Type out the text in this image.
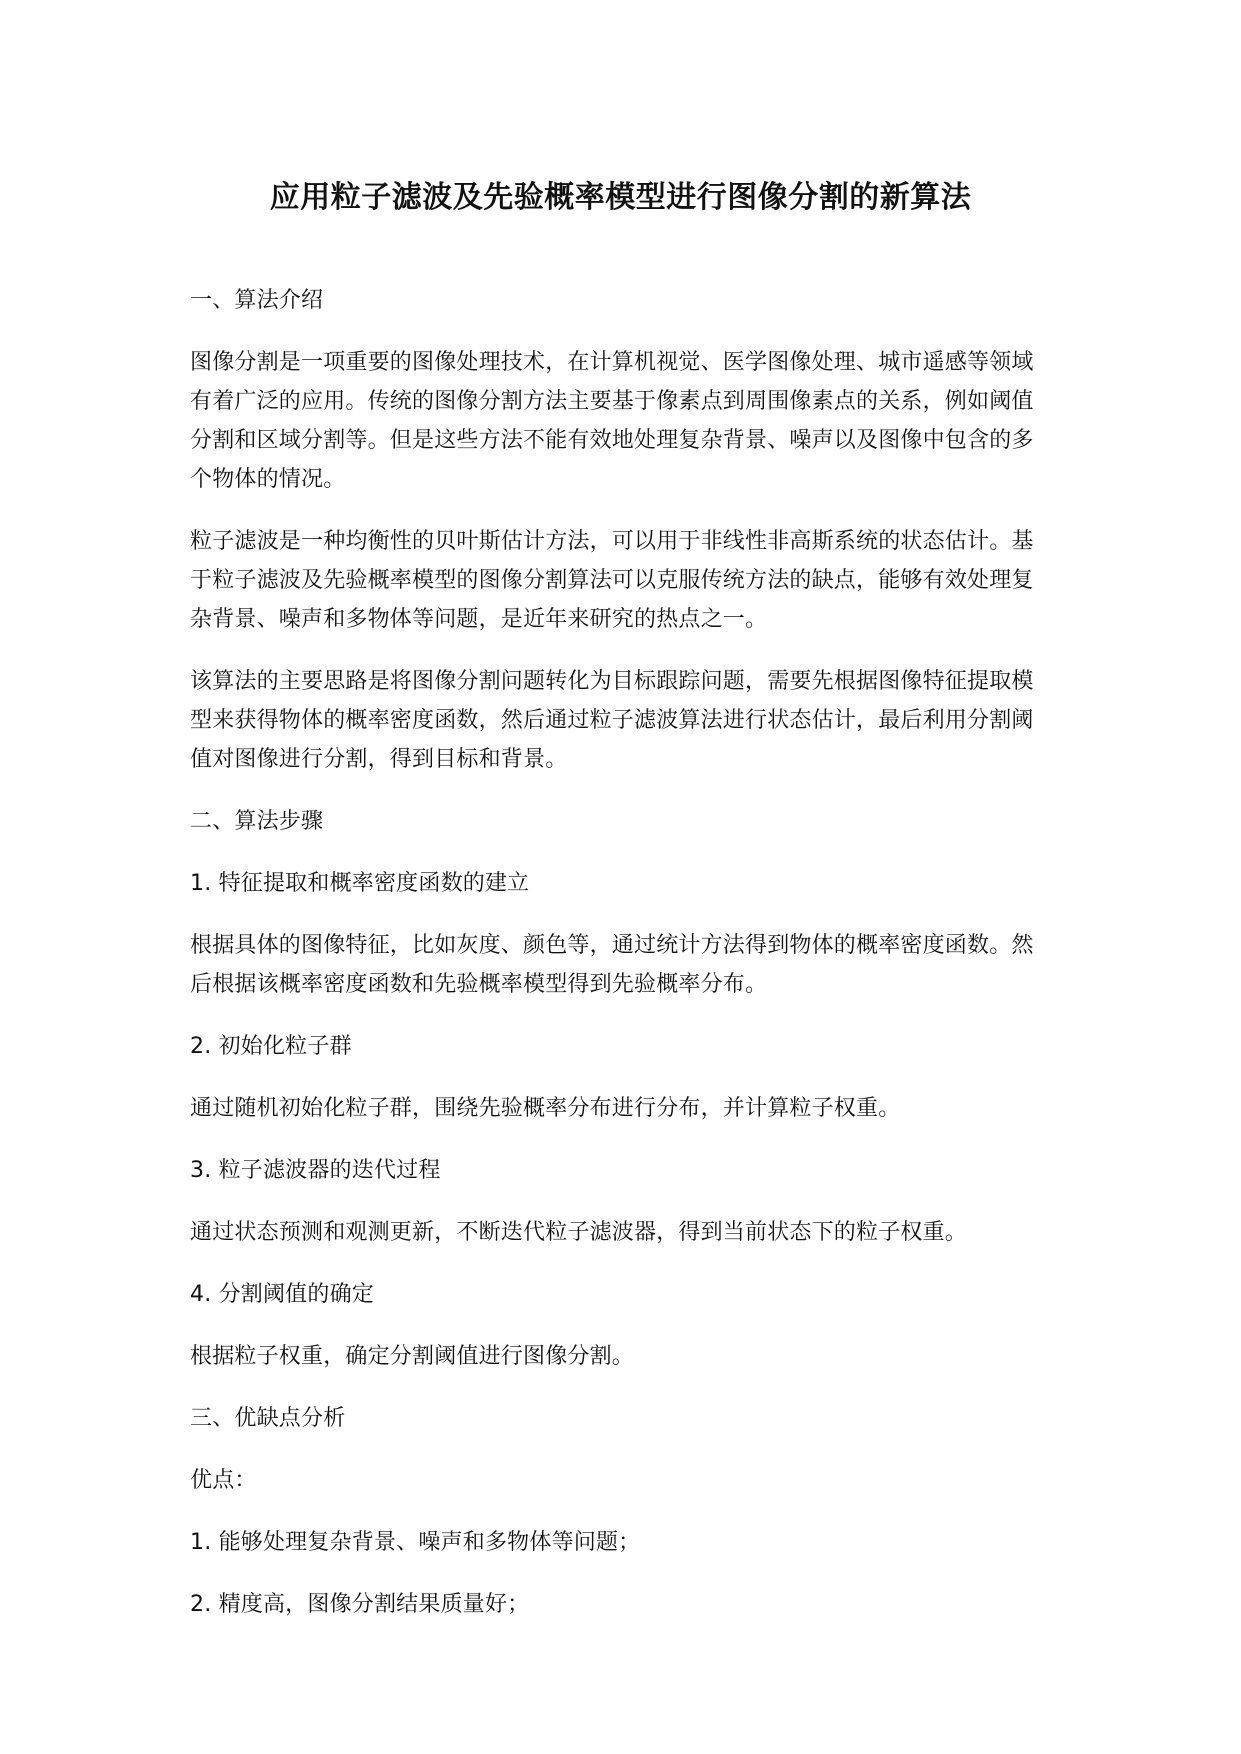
应用粒子滤波及先验概率模型进行图像分割的新算法

一、算法介绍

图像分割是一项重要的图像处理技术，在计算机视觉、医学图像处理、城市遥感等领域有着广泛的应用。传统的图像分割方法主要基于像素点到周围像素点的关系，例如阈值分割和区域分割等。但是这些方法不能有效地处理复杂背景、噪声以及图像中包含的多个物体的情况。

粒子滤波是一种均衡性的贝叶斯估计方法，可以用于非线性非高斯系统的状态估计。基于粒子滤波及先验概率模型的图像分割算法可以克服传统方法的缺点，能够有效处理复杂背景、噪声和多物体等问题，是近年来研究的热点之一。

该算法的主要思路是将图像分割问题转化为目标跟踪问题，需要先根据图像特征提取模型来获得物体的概率密度函数，然后通过粒子滤波算法进行状态估计，最后利用分割阈值对图像进行分割，得到目标和背景。

二、算法步骤

1. 特征提取和概率密度函数的建立

根据具体的图像特征，比如灰度、颜色等，通过统计方法得到物体的概率密度函数。然后根据该概率密度函数和先验概率模型得到先验概率分布。

2. 初始化粒子群

通过随机初始化粒子群，围绕先验概率分布进行分布，并计算粒子权重。

3. 粒子滤波器的迭代过程

通过状态预测和观测更新，不断迭代粒子滤波器，得到当前状态下的粒子权重。

4. 分割阈值的确定

根据粒子权重，确定分割阈值进行图像分割。

三、优缺点分析

优点：

1. 能够处理复杂背景、噪声和多物体等问题；

2. 精度高，图像分割结果质量好；
